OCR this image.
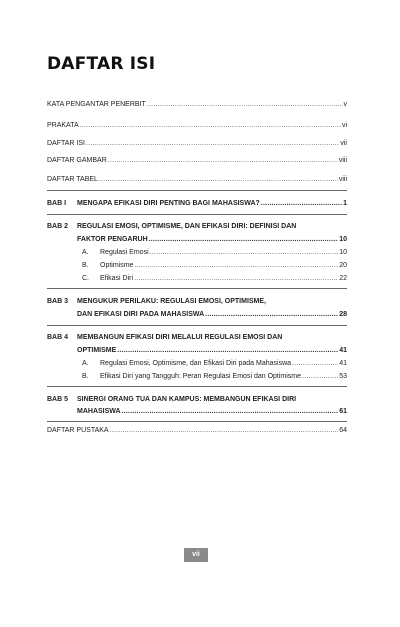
DAFTAR ISI
KATA PENGANTAR PENERBIT .....	v
PRAKATA .....	vi
DAFTAR ISI .....	vii
DAFTAR GAMBAR .....	viii
DAFTAR TABEL .....	viii
BAB I MENGAPA EFIKASI DIRI PENTING BAGI MAHASISWA? .....	1
BAB 2 REGULASI EMOSI, OPTIMISME, DAN EFIKASI DIRI: DEFINISI DAN
FAKTOR PENGARUH .....	10
A.	Regulasi Emosi .....	10
B.	Optimisme .....	20
C.	Efikasi Diri .....	22
BAB 3 MENGUKUR PERILAKU: REGULASI EMOSI, OPTIMISME,
DAN EFIKASI DIRI PADA MAHASISWA .....	28
BAB 4 MEMBANGUN EFIKASI DIRI MELALUI REGULASI EMOSI DAN
OPTIMISME .....	41
A.	Regulasi Emosi, Optimisme, dan Efikasi Diri pada Mahasiswa .....	41
B.	Efikasi Diri yang Tangguh: Peran Regulasi Emosi dan Optimisme .....	53
BAB 5 SINERGI ORANG TUA DAN KAMPUS: MEMBANGUN EFIKASI DIRI
MAHASISWA .....	61
DAFTAR PUSTAKA .....	64
vii
